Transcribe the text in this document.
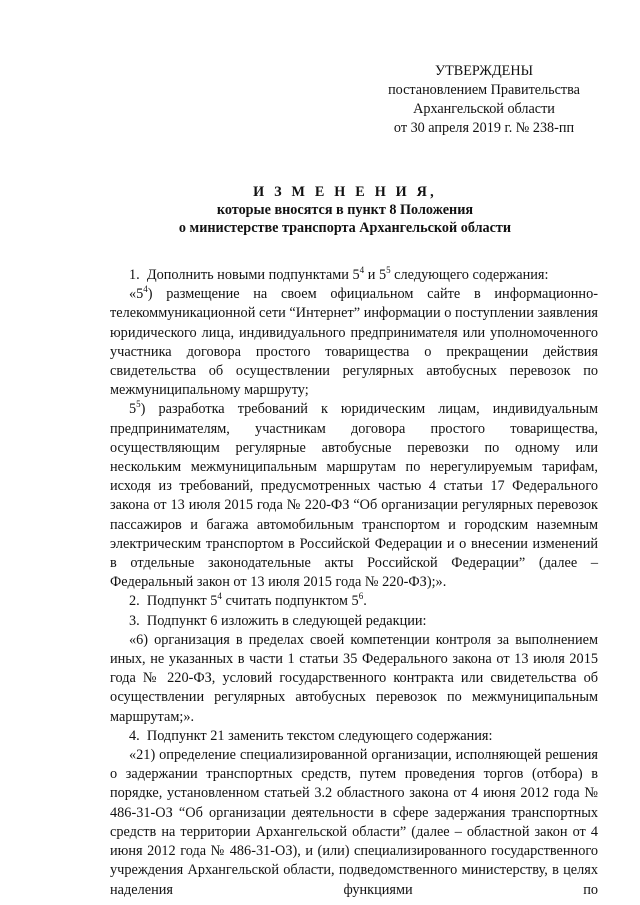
УТВЕРЖДЕНЫ
постановлением Правительства
Архангельской области
от 30 апреля 2019 г. № 238-пп
И З М Е Н Е Н И Я,
которые вносятся в пункт 8 Положения
о министерстве транспорта Архангельской области

1.  Дополнить новыми подпунктами $5^4$ и $5^5$ следующего содержания:

«$5^4$) размещение на своем официальном сайте в информационно-телекоммуникационной сети “Интернет” информации о поступлении заявления юридического лица, индивидуального предпринимателя или уполномоченного участника договора простого товарищества о прекращении действия свидетельства об осуществлении регулярных автобусных перевозок по межмуниципальному маршруту;

$5^5$) разработка требований к юридическим лицам, индивидуальным предпринимателям, участникам договора простого товарищества, осуществляющим регулярные автобусные перевозки по одному или нескольким межмуниципальным маршрутам по нерегулируемым тарифам, исходя из требований, предусмотренных частью 4 статьи 17 Федерального закона от 13 июля 2015 года № 220-ФЗ “Об организации регулярных перевозок пассажиров и багажа автомобильным транспортом и городским наземным электрическим транспортом в Российской Федерации и о внесении изменений в отдельные законодательные акты Российской Федерации” (далее – Федеральный закон от 13 июля 2015 года № 220-ФЗ);».

2.  Подпункт $5^4$ считать подпунктом $5^6$.

3.  Подпункт 6 изложить в следующей редакции:

«6) организация в пределах своей компетенции контроля за выполнением иных, не указанных в части 1 статьи 35 Федерального закона от 13 июля 2015 года № 220-ФЗ, условий государственного контракта или свидетельства об осуществлении регулярных автобусных перевозок по межмуниципальным маршрутам;».

4.  Подпункт 21 заменить текстом следующего содержания:

«21) определение специализированной организации, исполняющей решения о задержании транспортных средств, путем проведения торгов (отбора) в порядке, установленном статьей 3.2 областного закона от 4 июня 2012 года № 486-31-ОЗ “Об организации деятельности в сфере задержания транспортных средств на территории Архангельской области” (далее – областной закон от 4 июня 2012 года № 486-31-ОЗ), и (или) специализированного государственного учреждения Архангельской области, подведомственного министерству, в целях наделения функциями по
